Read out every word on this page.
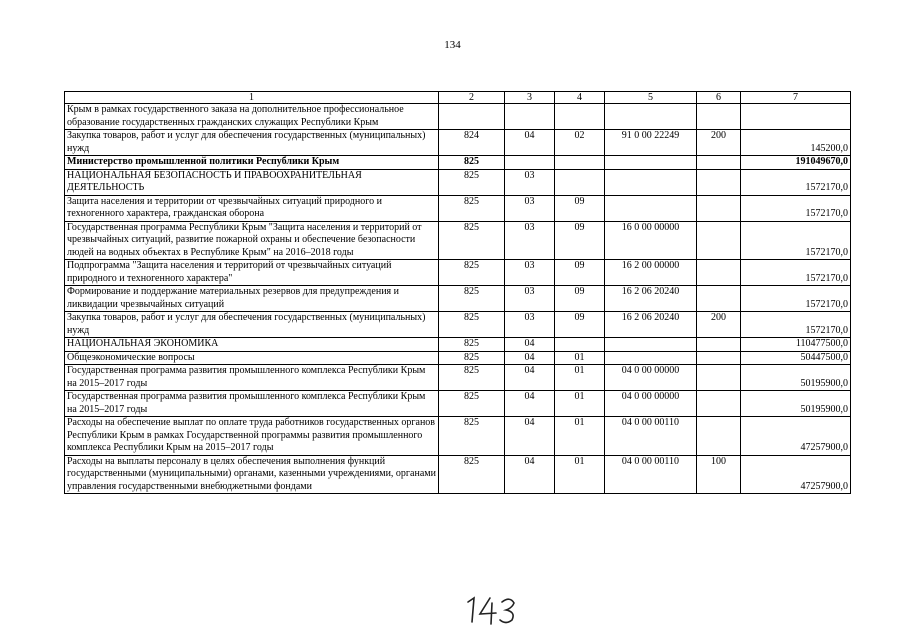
134
1	2	3	4	5	6	7
Крым в рамках государственного заказа на дополнительное профессиональное образование государственных гражданских служащих Республики Крым						
Закупка товаров, работ и услуг для обеспечения государственных (муниципальных) нужд	824	04	02	91 0 00 22249	200	145200,0
Министерство промышленной политики Республики Крым	825					191049670,0
НАЦИОНАЛЬНАЯ БЕЗОПАСНОСТЬ И ПРАВООХРАНИТЕЛЬНАЯ ДЕЯТЕЛЬНОСТЬ	825	03				1572170,0
Защита населения и территории от чрезвычайных ситуаций природного и техногенного характера, гражданская оборона	825	03	09			1572170,0
Государственная программа Республики Крым "Защита населения и территорий от чрезвычайных ситуаций, развитие пожарной охраны и обеспечение безопасности людей на водных объектах в Республике Крым" на 2016–2018 годы	825	03	09	16 0 00 00000		1572170,0
Подпрограмма "Защита населения и территорий от чрезвычайных ситуаций природного и техногенного характера"	825	03	09	16 2 00 00000		1572170,0
Формирование и поддержание материальных резервов для предупреждения и ликвидации чрезвычайных ситуаций	825	03	09	16 2 06 20240		1572170,0
Закупка товаров, работ и услуг для обеспечения государственных (муниципальных) нужд	825	03	09	16 2 06 20240	200	1572170,0
НАЦИОНАЛЬНАЯ ЭКОНОМИКА	825	04				110477500,0
Общеэкономические вопросы	825	04	01			50447500,0
Государственная программа развития промышленного комплекса Республики Крым на 2015–2017 годы	825	04	01	04 0 00 00000		50195900,0
Государственная программа развития промышленного комплекса Республики Крым на 2015–2017 годы	825	04	01	04 0 00 00000		50195900,0
Расходы на обеспечение выплат по оплате труда работников государственных органов Республики Крым в рамках Государственной программы развития промышленного комплекса Республики Крым на 2015–2017 годы	825	04	01	04 0 00 00110		47257900,0
Расходы на выплаты персоналу в целях обеспечения выполнения функций государственными (муниципальными) органами, казенными учреждениями, органами управления государственными внебюджетными фондами	825	04	01	04 0 00 00110	100	47257900,0
